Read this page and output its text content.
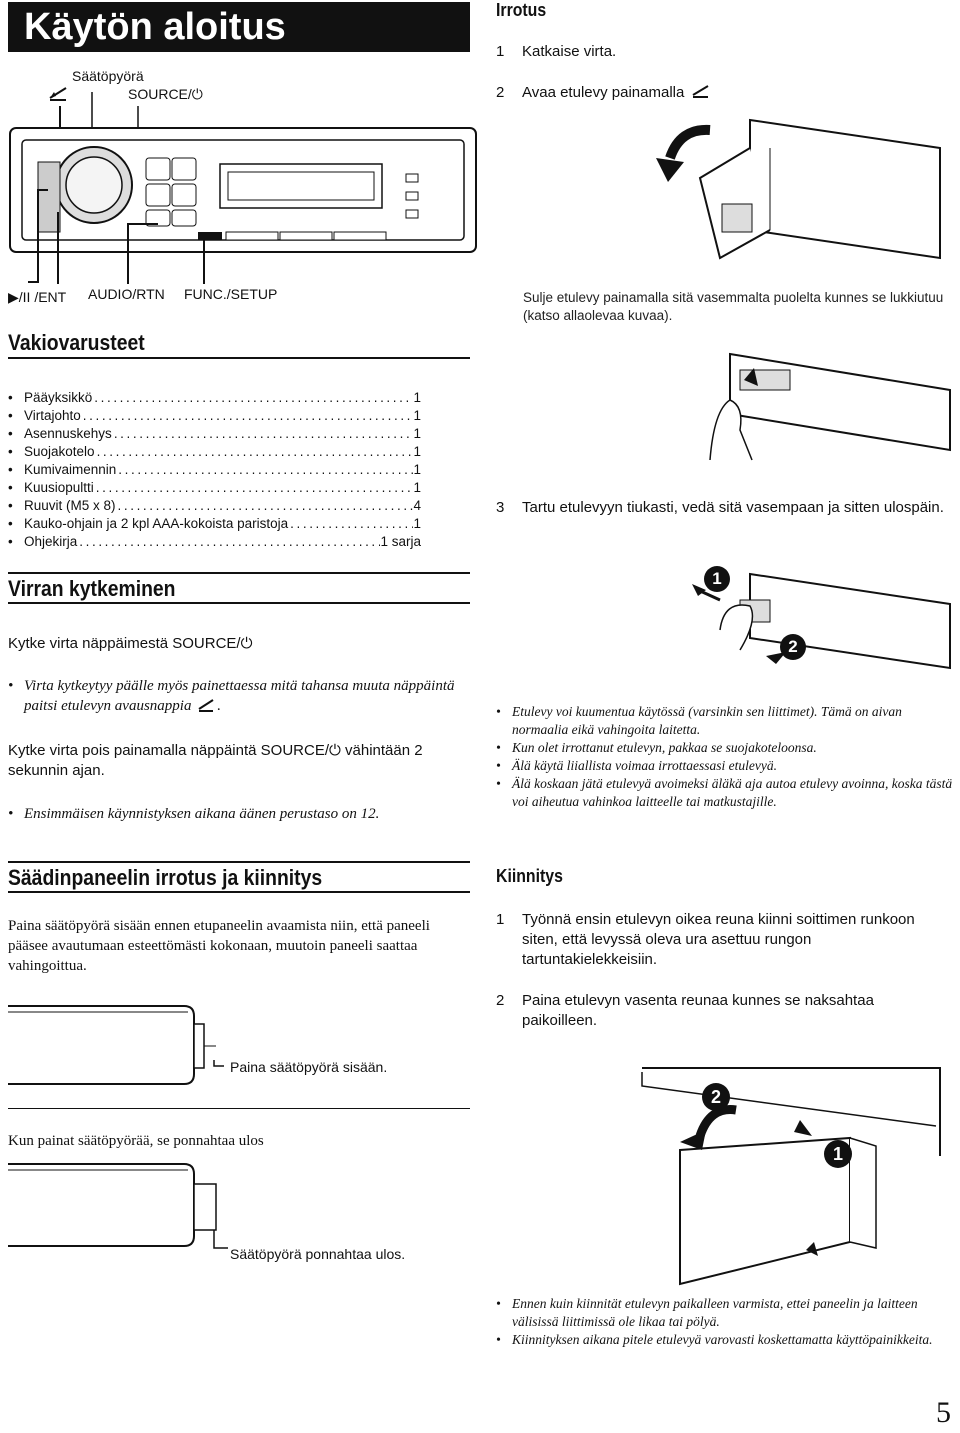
Käytön aloitus
Säätöpyörä
SOURCE/⏻
▶/II /ENT AUDIO/RTN FUNC./SETUP
Vakiovarusteet
• Pääyksikkö .....	1
• Virtajohto .....	1
• Asennuskehys .....	1
• Suojakotelo .....	1
• Kumivaimennin .....	1
• Kuusiopultti .....	1
• Ruuvit (M5 x 8) .....	4
• Kauko-ohjain ja 2 kpl AAA-kokoista paristoja .....	1
• Ohjekirja .....	1 sarja
Virran kytkeminen
Kytke virta näppäimestä SOURCE/⏻
• Virta kytkeytyy päälle myös painettaessa mitä tahansa muuta näppäintä paitsi etulevyn avausnappia .
Kytke virta pois painamalla näppäintä SOURCE/⏻ vähintään 2 sekunnin ajan.
• Ensimmäisen käynnistyksen aikana äänen perustaso on 12.
Säädinpaneelin irrotus ja kiinnitys
Paina säätöpyörä sisään ennen etupaneelin avaamista niin, että paneeli pääsee avautumaan esteettömästi kokonaan, muutoin paneeli saattaa vahingoittua.
Paina säätöpyörä sisään.
Kun painat säätöpyörää, se ponnahtaa ulos
Säätöpyörä ponnahtaa ulos.
Irrotus
1	Katkaise virta.
2	Avaa etulevy painamalla
Sulje etulevy painamalla sitä vasemmalta puolelta kunnes se lukkiutuu (katso allaolevaa kuvaa).
3	Tartu etulevyyn tiukasti, vedä sitä vasempaan ja sitten ulospäin.
1
2
• Etulevy voi kuumentua käytössä (varsinkin sen liittimet). Tämä on aivan normaalia eikä vahingoita laitetta.
• Kun olet irrottanut etulevyn, pakkaa se suojakoteloonsa.
• Älä käytä liiallista voimaa irrottaessasi etulevyä.
• Älä koskaan jätä etulevyä avoimeksi äläkä aja autoa etulevy avoinna, koska tästä voi aiheutua vahinkoa laitteelle tai matkustajille.
Kiinnitys
1	Työnnä ensin etulevyn oikea reuna kiinni soittimen runkoon siten, että levyssä oleva ura asettuu rungon tartuntakielekkeisiin.
2	Paina etulevyn vasenta reunaa kunnes se naksahtaa paikoilleen.
2
1
• Ennen kuin kiinnität etulevyn paikalleen varmista, ettei paneelin ja laitteen välisissä liittimissä ole likaa tai pölyä.
• Kiinnityksen aikana pitele etulevyä varovasti koskettamatta käyttöpainikkeita.
5
